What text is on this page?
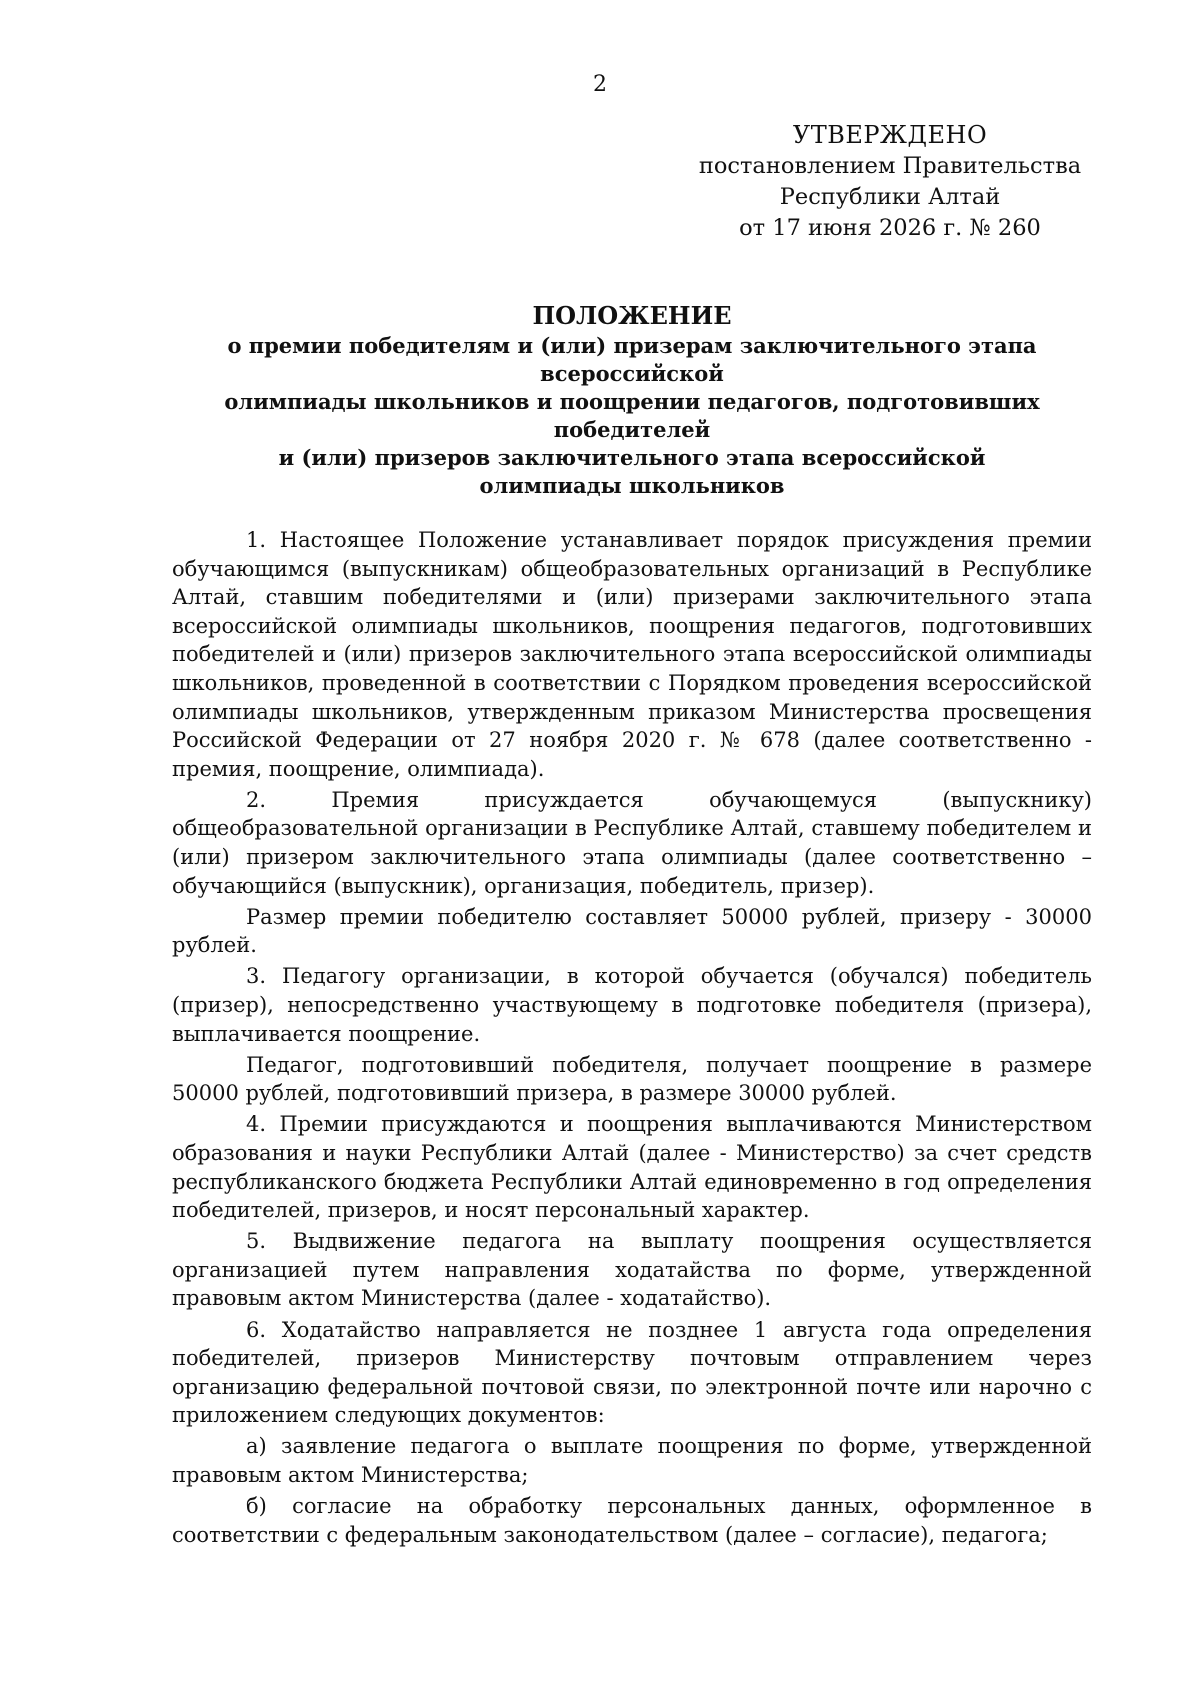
2
УТВЕРЖДЕНО
постановлением Правительства
Республики Алтай
от 17 июня 2026 г. № 260
ПОЛОЖЕНИЕ
о премии победителям и (или) призерам заключительного этапа всероссийской
олимпиады школьников и поощрении педагогов, подготовивших победителей
и (или) призеров заключительного этапа всероссийской
олимпиады школьников

1. Настоящее Положение устанавливает порядок присуждения премии обучающимся (выпускникам) общеобразовательных организаций в Республике Алтай, ставшим победителями и (или) призерами заключительного этапа всероссийской олимпиады школьников, поощрения педагогов, подготовивших победителей и (или) призеров заключительного этапа всероссийской олимпиады школьников, проведенной в соответствии с Порядком проведения всероссийской олимпиады школьников, утвержденным приказом Министерства просвещения Российской Федерации от 27 ноября 2020 г. № 678 (далее соответственно - премия, поощрение, олимпиада).

2. Премия присуждается обучающемуся (выпускнику) общеобразовательной организации в Республике Алтай, ставшему победителем и (или) призером заключительного этапа олимпиады (далее соответственно – обучающийся (выпускник), организация, победитель, призер).

Размер премии победителю составляет 50000 рублей, призеру - 30000 рублей.

3. Педагогу организации, в которой обучается (обучался) победитель (призер), непосредственно участвующему в подготовке победителя (призера), выплачивается поощрение.

Педагог, подготовивший победителя, получает поощрение в размере 50000 рублей, подготовивший призера, в размере 30000 рублей.

4. Премии присуждаются и поощрения выплачиваются Министерством образования и науки Республики Алтай (далее - Министерство) за счет средств республиканского бюджета Республики Алтай единовременно в год определения победителей, призеров, и носят персональный характер.

5. Выдвижение педагога на выплату поощрения осуществляется организацией путем направления ходатайства по форме, утвержденной правовым актом Министерства (далее - ходатайство).

6. Ходатайство направляется не позднее 1 августа года определения победителей, призеров Министерству почтовым отправлением через организацию федеральной почтовой связи, по электронной почте или нарочно с приложением следующих документов:

а) заявление педагога о выплате поощрения по форме, утвержденной правовым актом Министерства;

б) согласие на обработку персональных данных, оформленное в соответствии с федеральным законодательством (далее – согласие), педагога;
